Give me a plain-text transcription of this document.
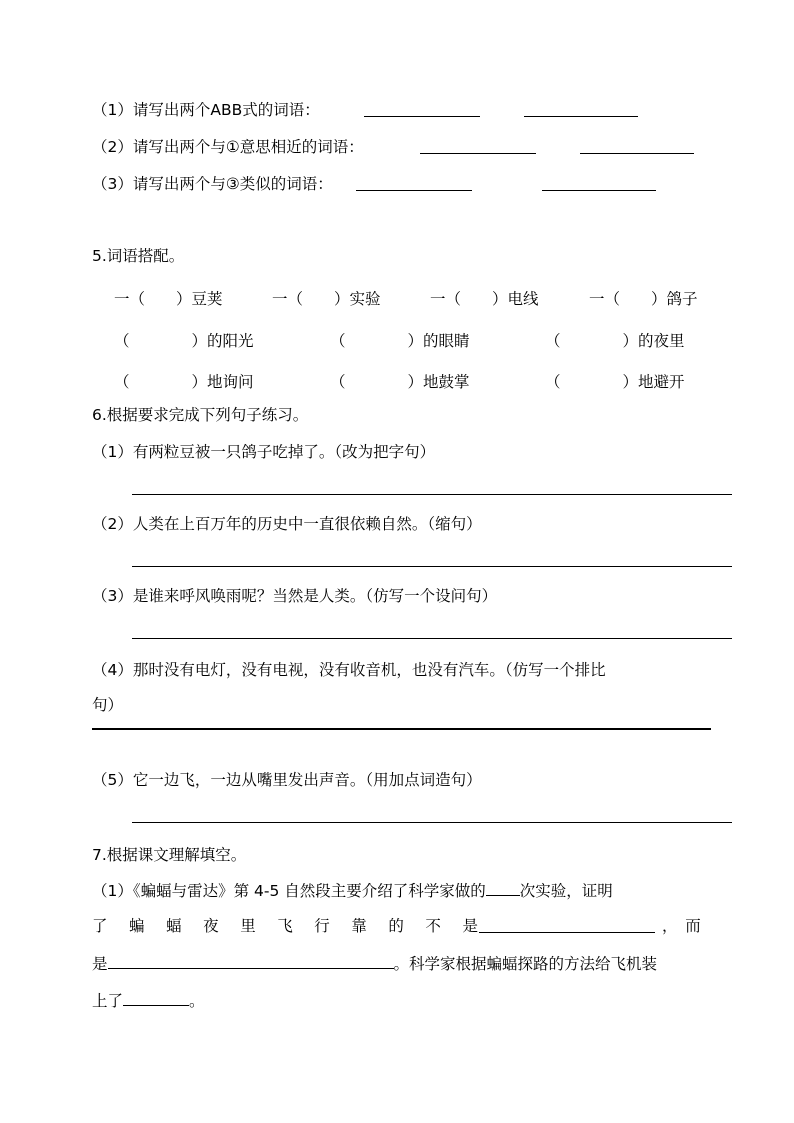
（1）请写出两个ABB式的词语：
（2）请写出两个与①意思相近的词语：
（3）请写出两个与③类似的词语：
5.词语搭配。
一（　　）豆荚	一（　　）实验	一（　　）电线	一（　　）鸽子
（　　　　）的阳光	（　　　　）的眼睛	（　　　　）的夜里
（　　　　）地询问	（　　　　）地鼓掌	（　　　　）地避开
6.根据要求完成下列句子练习。
（1）有两粒豆被一只鸽子吃掉了。（改为把字句）
（2）人类在上百万年的历史中一直很依赖自然。（缩句）
（3）是谁来呼风唤雨呢？当然是人类。（仿写一个设问句）
（4）那时没有电灯，没有电视，没有收音机，也没有汽车。（仿写一个排比
句）
（5）它一边飞，一边从嘴里发出声音。（用加点词造句）
7.根据课文理解填空。
（1）《蝙蝠与雷达》第 4-5 自然段主要介绍了科学家做的 次实验，证明
了 蝙 蝠 夜 里 飞 行 靠 的 不 是	，　而
是	。科学家根据蝙蝠探路的方法给飞机装
上了	。
